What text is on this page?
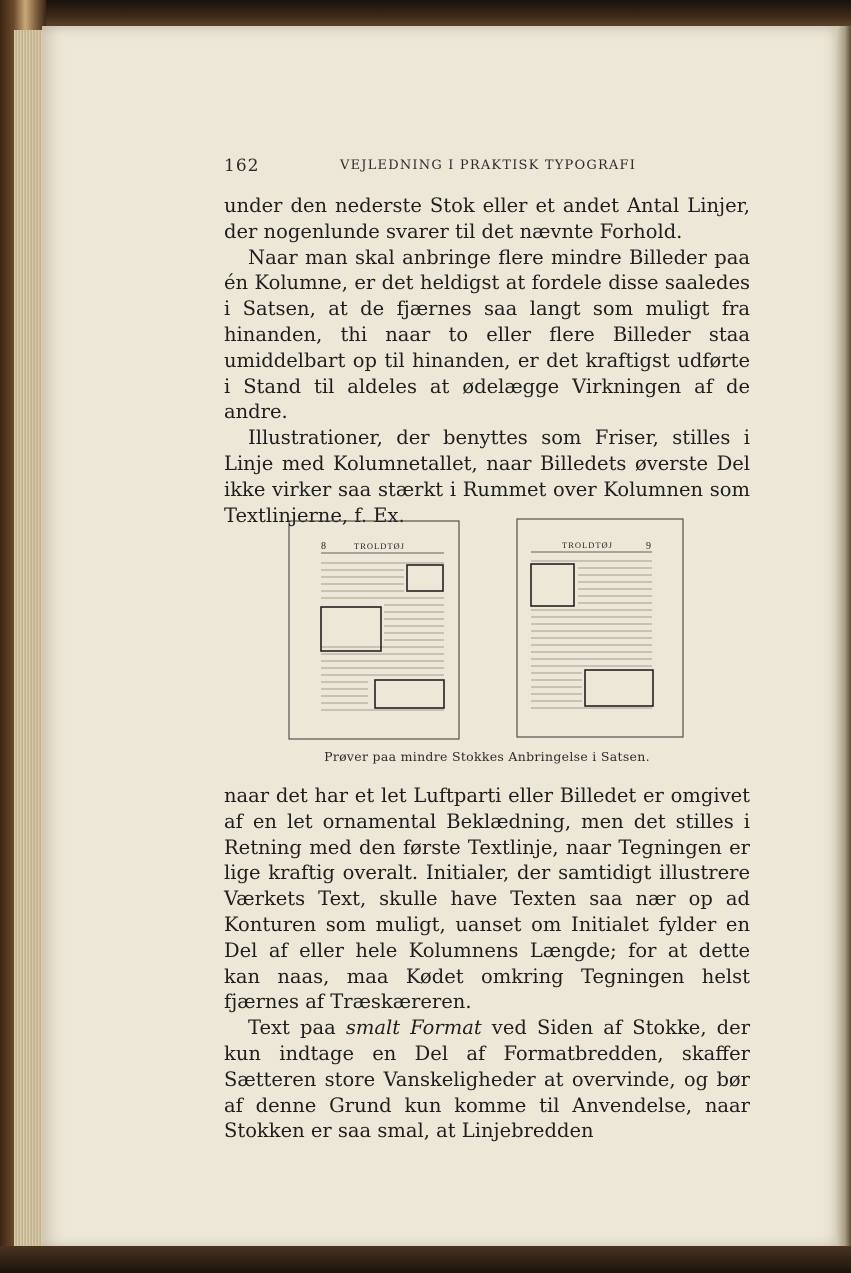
162	VEJLEDNING I PRAKTISK TYPOGRAFI

under den nederste Stok eller et andet Antal Linjer, der nogenlunde svarer til det nævnte Forhold.

Naar man skal anbringe flere mindre Billeder paa én Kolumne, er det heldigst at fordele disse saaledes i Satsen, at de fjærnes saa langt som muligt fra hinanden, thi naar to eller flere Billeder staa umiddelbart op til hinanden, er det kraftigst udførte i Stand til aldeles at ødelægge Virkningen af de andre.

Illustrationer, der benyttes som Friser, stilles i Linje med Kolumnetallet, naar Billedets øverste Del ikke virker saa stærkt i Rummet over Kolumnen som Textlinjerne, f. Ex.

8	TROLDTØJ	TROLDTØJ	9
Prøver paa mindre Stokkes Anbringelse i Satsen.

naar det har et let Luftparti eller Billedet er omgivet af en let ornamental Beklædning, men det stilles i Retning med den første Textlinje, naar Tegningen er lige kraftig overalt. Initialer, der samtidigt illustrere Værkets Text, skulle have Texten saa nær op ad Konturen som muligt, uanset om Initialet fylder en Del af eller hele Kolumnens Længde; for at dette kan naas, maa Kødet omkring Tegningen helst fjærnes af Træskæreren.

Text paa smalt Format ved Siden af Stokke, der kun indtage en Del af Formatbredden, skaffer Sætteren store Vanskeligheder at overvinde, og bør af denne Grund kun komme til Anvendelse, naar Stokken er saa smal, at Linjebredden
